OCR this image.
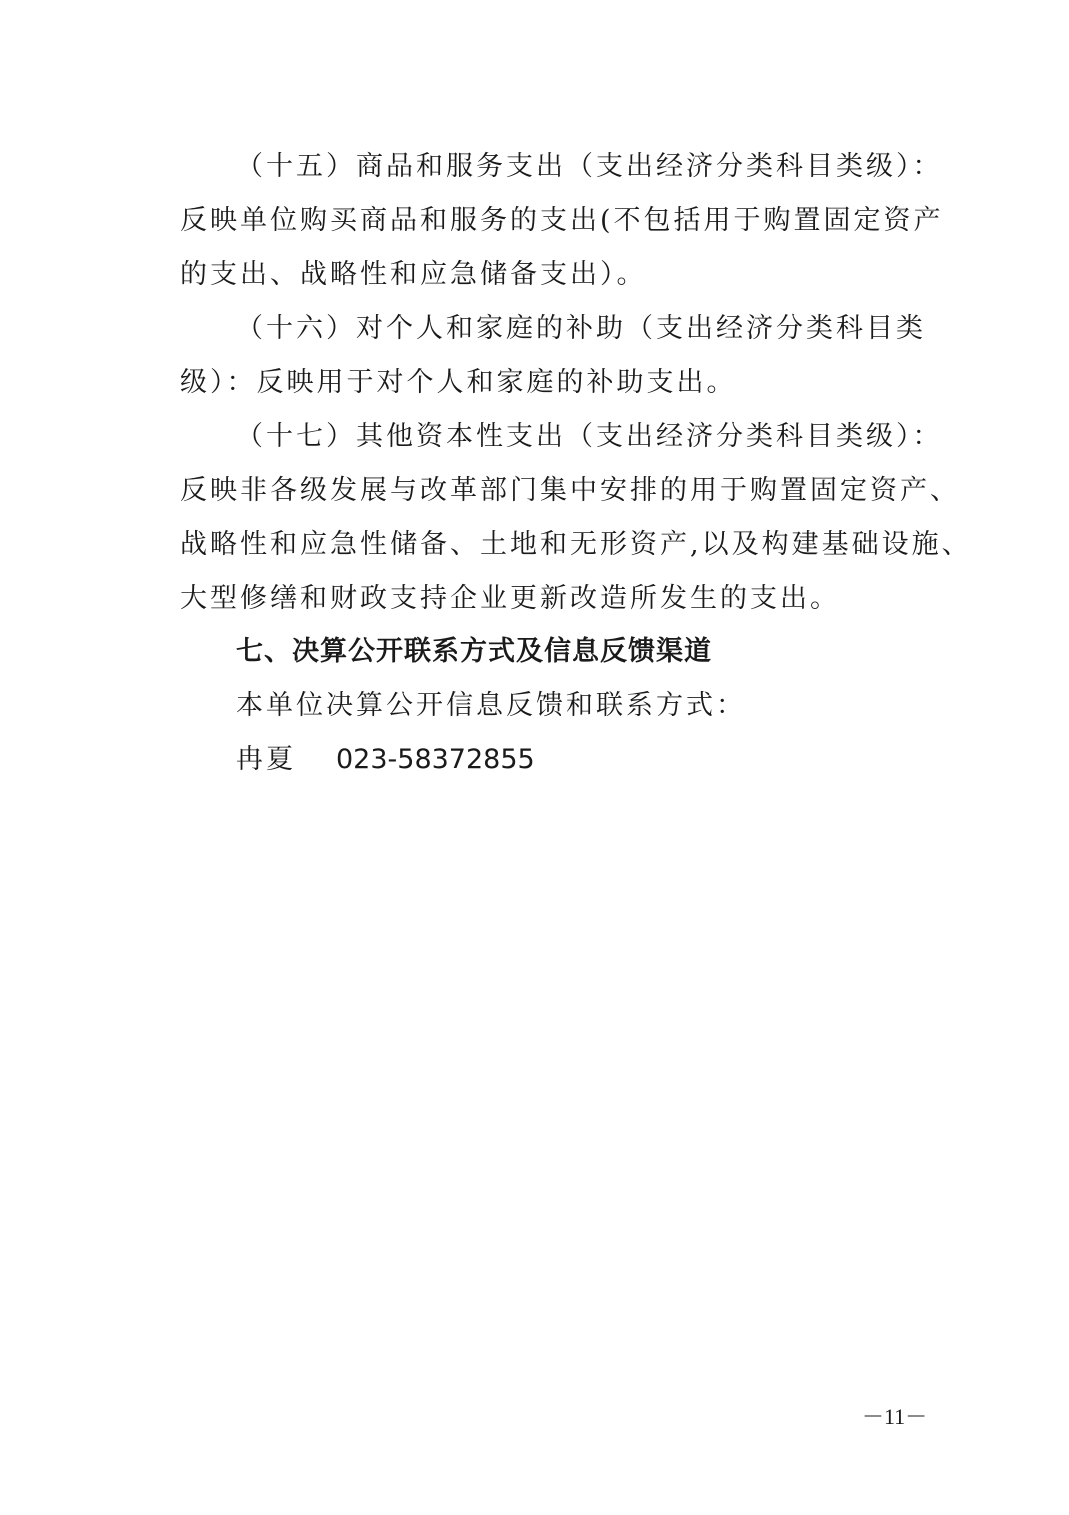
（十五）商品和服务支出（支出经济分类科目类级）：
反映单位购买商品和服务的支出(不包括用于购置固定资产
的支出、战略性和应急储备支出）。
（十六）对个人和家庭的补助（支出经济分类科目类
级）：反映用于对个人和家庭的补助支出。
（十七）其他资本性支出（支出经济分类科目类级）：
反映非各级发展与改革部门集中安排的用于购置固定资产、
战略性和应急性储备、土地和无形资产,以及构建基础设施、
大型修缮和财政支持企业更新改造所发生的支出。
七、决算公开联系方式及信息反馈渠道
本单位决算公开信息反馈和联系方式：
冉夏 023-58372855
－11－
